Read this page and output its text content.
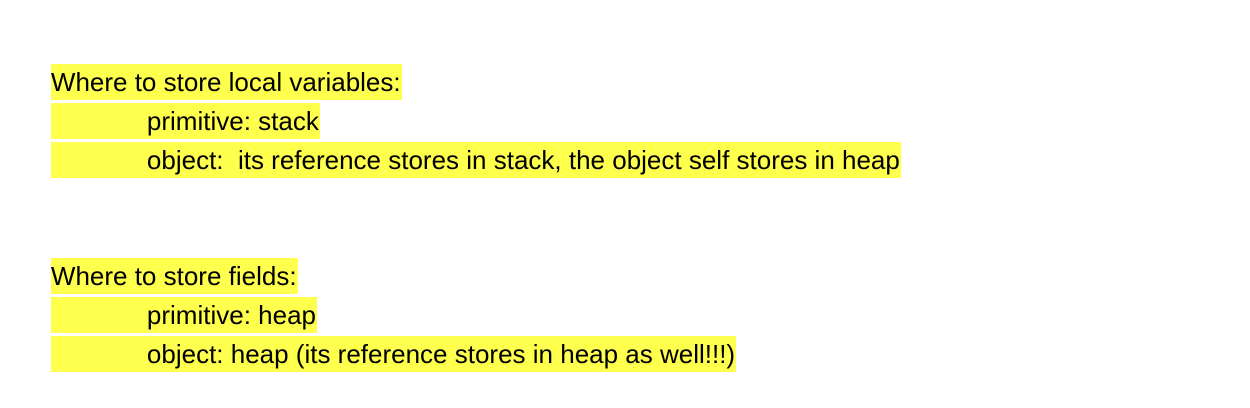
Where to store local variables:

primitive: stack

object:  its reference stores in stack, the object self stores in heap

Where to store fields:

primitive: heap

object: heap (its reference stores in heap as well!!!)
